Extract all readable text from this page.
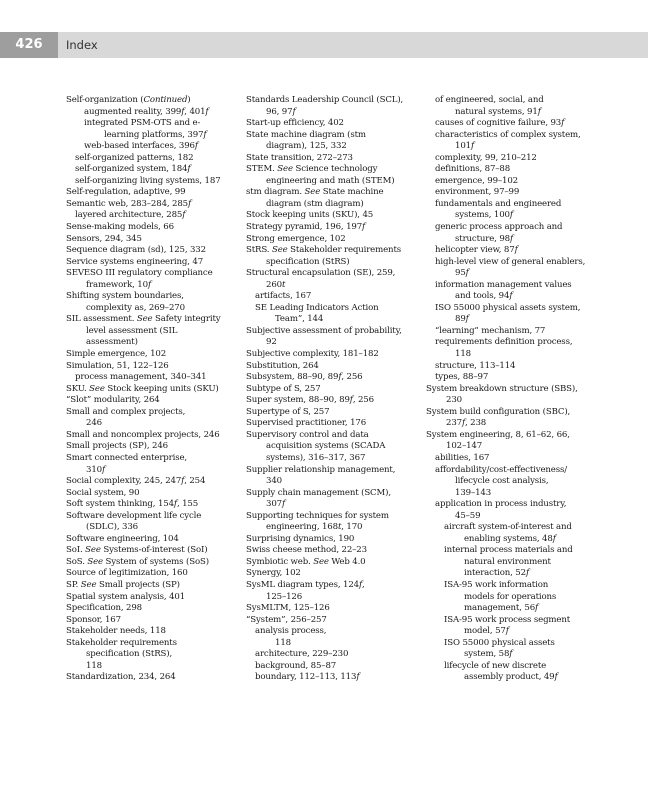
426	Index
Self-organization (Continued)
augmented reality, 399f, 401f
integrated PSM-OTS and e-
learning platforms, 397f
web-based interfaces, 396f
self-organized patterns, 182
self-organized system, 184f
self-organizing living systems, 187
Self-regulation, adaptive, 99
Semantic web, 283–284, 285f
layered architecture, 285f
Sense-making models, 66
Sensors, 294, 345
Sequence diagram (sd), 125, 332
Service systems engineering, 47
SEVESO III regulatory compliance
framework, 10f
Shifting system boundaries,
complexity as, 269–270
SIL assessment. See Safety integrity
level assessment (SIL
assessment)
Simple emergence, 102
Simulation, 51, 122–126
process management, 340–341
SKU. See Stock keeping units (SKU)
“Slot” modularity, 264
Small and complex projects,
246
Small and noncomplex projects, 246
Small projects (SP), 246
Smart connected enterprise,
310f
Social complexity, 245, 247f, 254
Social system, 90
Soft system thinking, 154f, 155
Software development life cycle
(SDLC), 336
Software engineering, 104
SoI. See Systems-of-interest (SoI)
SoS. See System of systems (SoS)
Source of legitimization, 160
SP. See Small projects (SP)
Spatial system analysis, 401
Specification, 298
Sponsor, 167
Stakeholder needs, 118
Stakeholder requirements
specification (StRS),
118
Standardization, 234, 264
Standards Leadership Council (SCL),
96, 97f
Start-up efficiency, 402
State machine diagram (stm
diagram), 125, 332
State transition, 272–273
STEM. See Science technology
engineering and math (STEM)
stm diagram. See State machine
diagram (stm diagram)
Stock keeping units (SKU), 45
Strategy pyramid, 196, 197f
Strong emergence, 102
StRS. See Stakeholder requirements
specification (StRS)
Structural encapsulation (SE), 259,
260t
artifacts, 167
SE Leading Indicators Action
Team”, 144
Subjective assessment of probability,
92
Subjective complexity, 181–182
Substitution, 264
Subsystem, 88–90, 89f, 256
Subtype of S, 257
Super system, 88–90, 89f, 256
Supertype of S, 257
Supervised practitioner, 176
Supervisory control and data
acquisition systems (SCADA
systems), 316–317, 367
Supplier relationship management,
340
Supply chain management (SCM),
307f
Supporting techniques for system
engineering, 168t, 170
Surprising dynamics, 190
Swiss cheese method, 22–23
Symbiotic web. See Web 4.0
Synergy, 102
SysML diagram types, 124f,
125–126
SysMLTM, 125–126
“System”, 256–257
analysis process,
118
architecture, 229–230
background, 85–87
boundary, 112–113, 113f
of engineered, social, and
natural systems, 91f
causes of cognitive failure, 93f
characteristics of complex system,
101f
complexity, 99, 210–212
definitions, 87–88
emergence, 99–102
environment, 97–99
fundamentals and engineered
systems, 100f
generic process approach and
structure, 98f
helicopter view, 87f
high-level view of general enablers,
95f
information management values
and tools, 94f
ISO 55000 physical assets system,
89f
“learning” mechanism, 77
requirements definition process,
118
structure, 113–114
types, 88–97
System breakdown structure (SBS),
230
System build configuration (SBC),
237f, 238
System engineering, 8, 61–62, 66,
102–147
abilities, 167
affordability/cost-effectiveness/
lifecycle cost analysis,
139–143
application in process industry,
45–59
aircraft system-of-interest and
enabling systems, 48f
internal process materials and
natural environment
interaction, 52f
ISA-95 work information
models for operations
management, 56f
ISA-95 work process segment
model, 57f
ISO 55000 physical assets
system, 58f
lifecycle of new discrete
assembly product, 49f
